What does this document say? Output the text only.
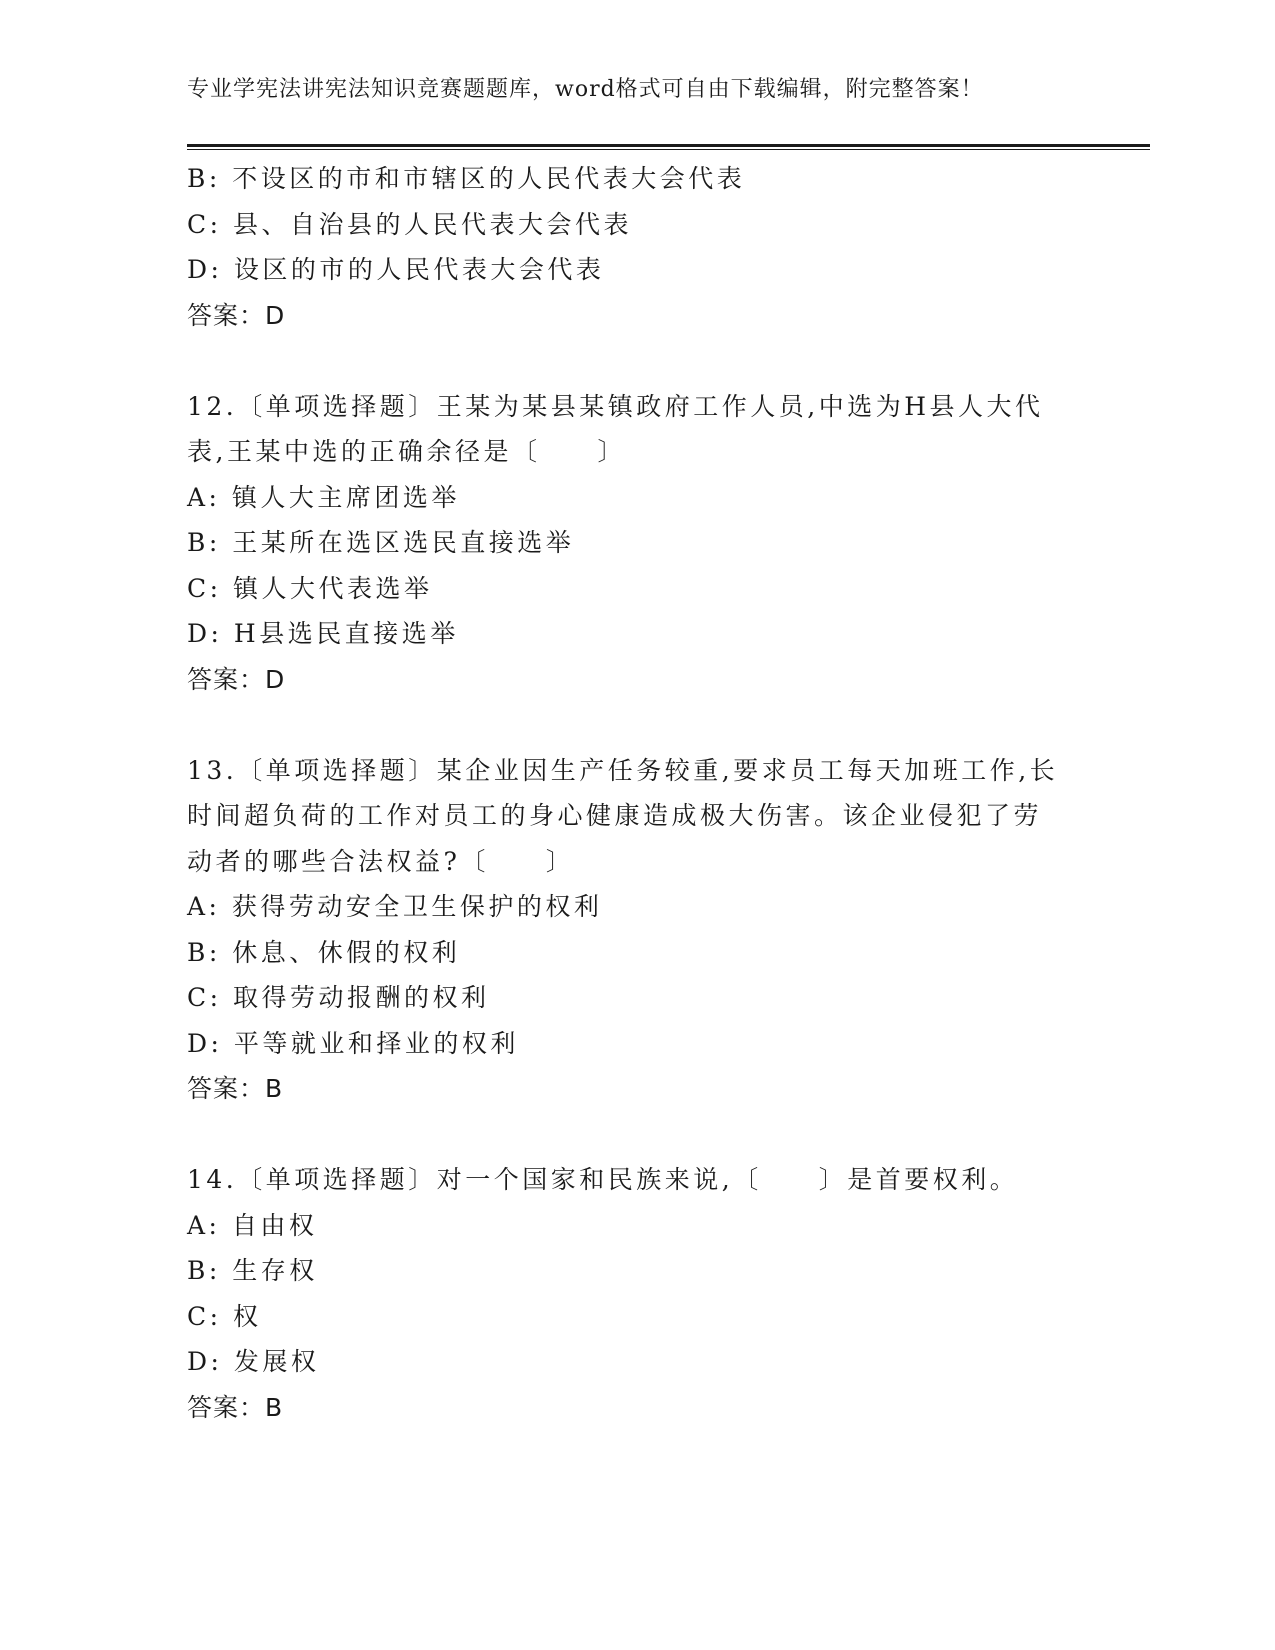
专业学宪法讲宪法知识竞赛题题库，word格式可自由下载编辑，附完整答案！
B: 不设区的市和市辖区的人民代表大会代表
C: 县、自治县的人民代表大会代表
D: 设区的市的人民代表大会代表
答案：D
12.〔单项选择题〕王某为某县某镇政府工作人员,中选为H县人大代
表,王某中选的正确余径是〔　　〕
A: 镇人大主席团选举
B: 王某所在选区选民直接选举
C: 镇人大代表选举
D: H县选民直接选举
答案：D
13.〔单项选择题〕某企业因生产任务较重,要求员工每天加班工作,长
时间超负荷的工作对员工的身心健康造成极大伤害。该企业侵犯了劳
动者的哪些合法权益?〔　　〕
A: 获得劳动安全卫生保护的权利
B: 休息、休假的权利
C: 取得劳动报酬的权利
D: 平等就业和择业的权利
答案：B
14.〔单项选择题〕对一个国家和民族来说,〔　　〕是首要权利。
A: 自由权
B: 生存权
C: 权
D: 发展权
答案：B
